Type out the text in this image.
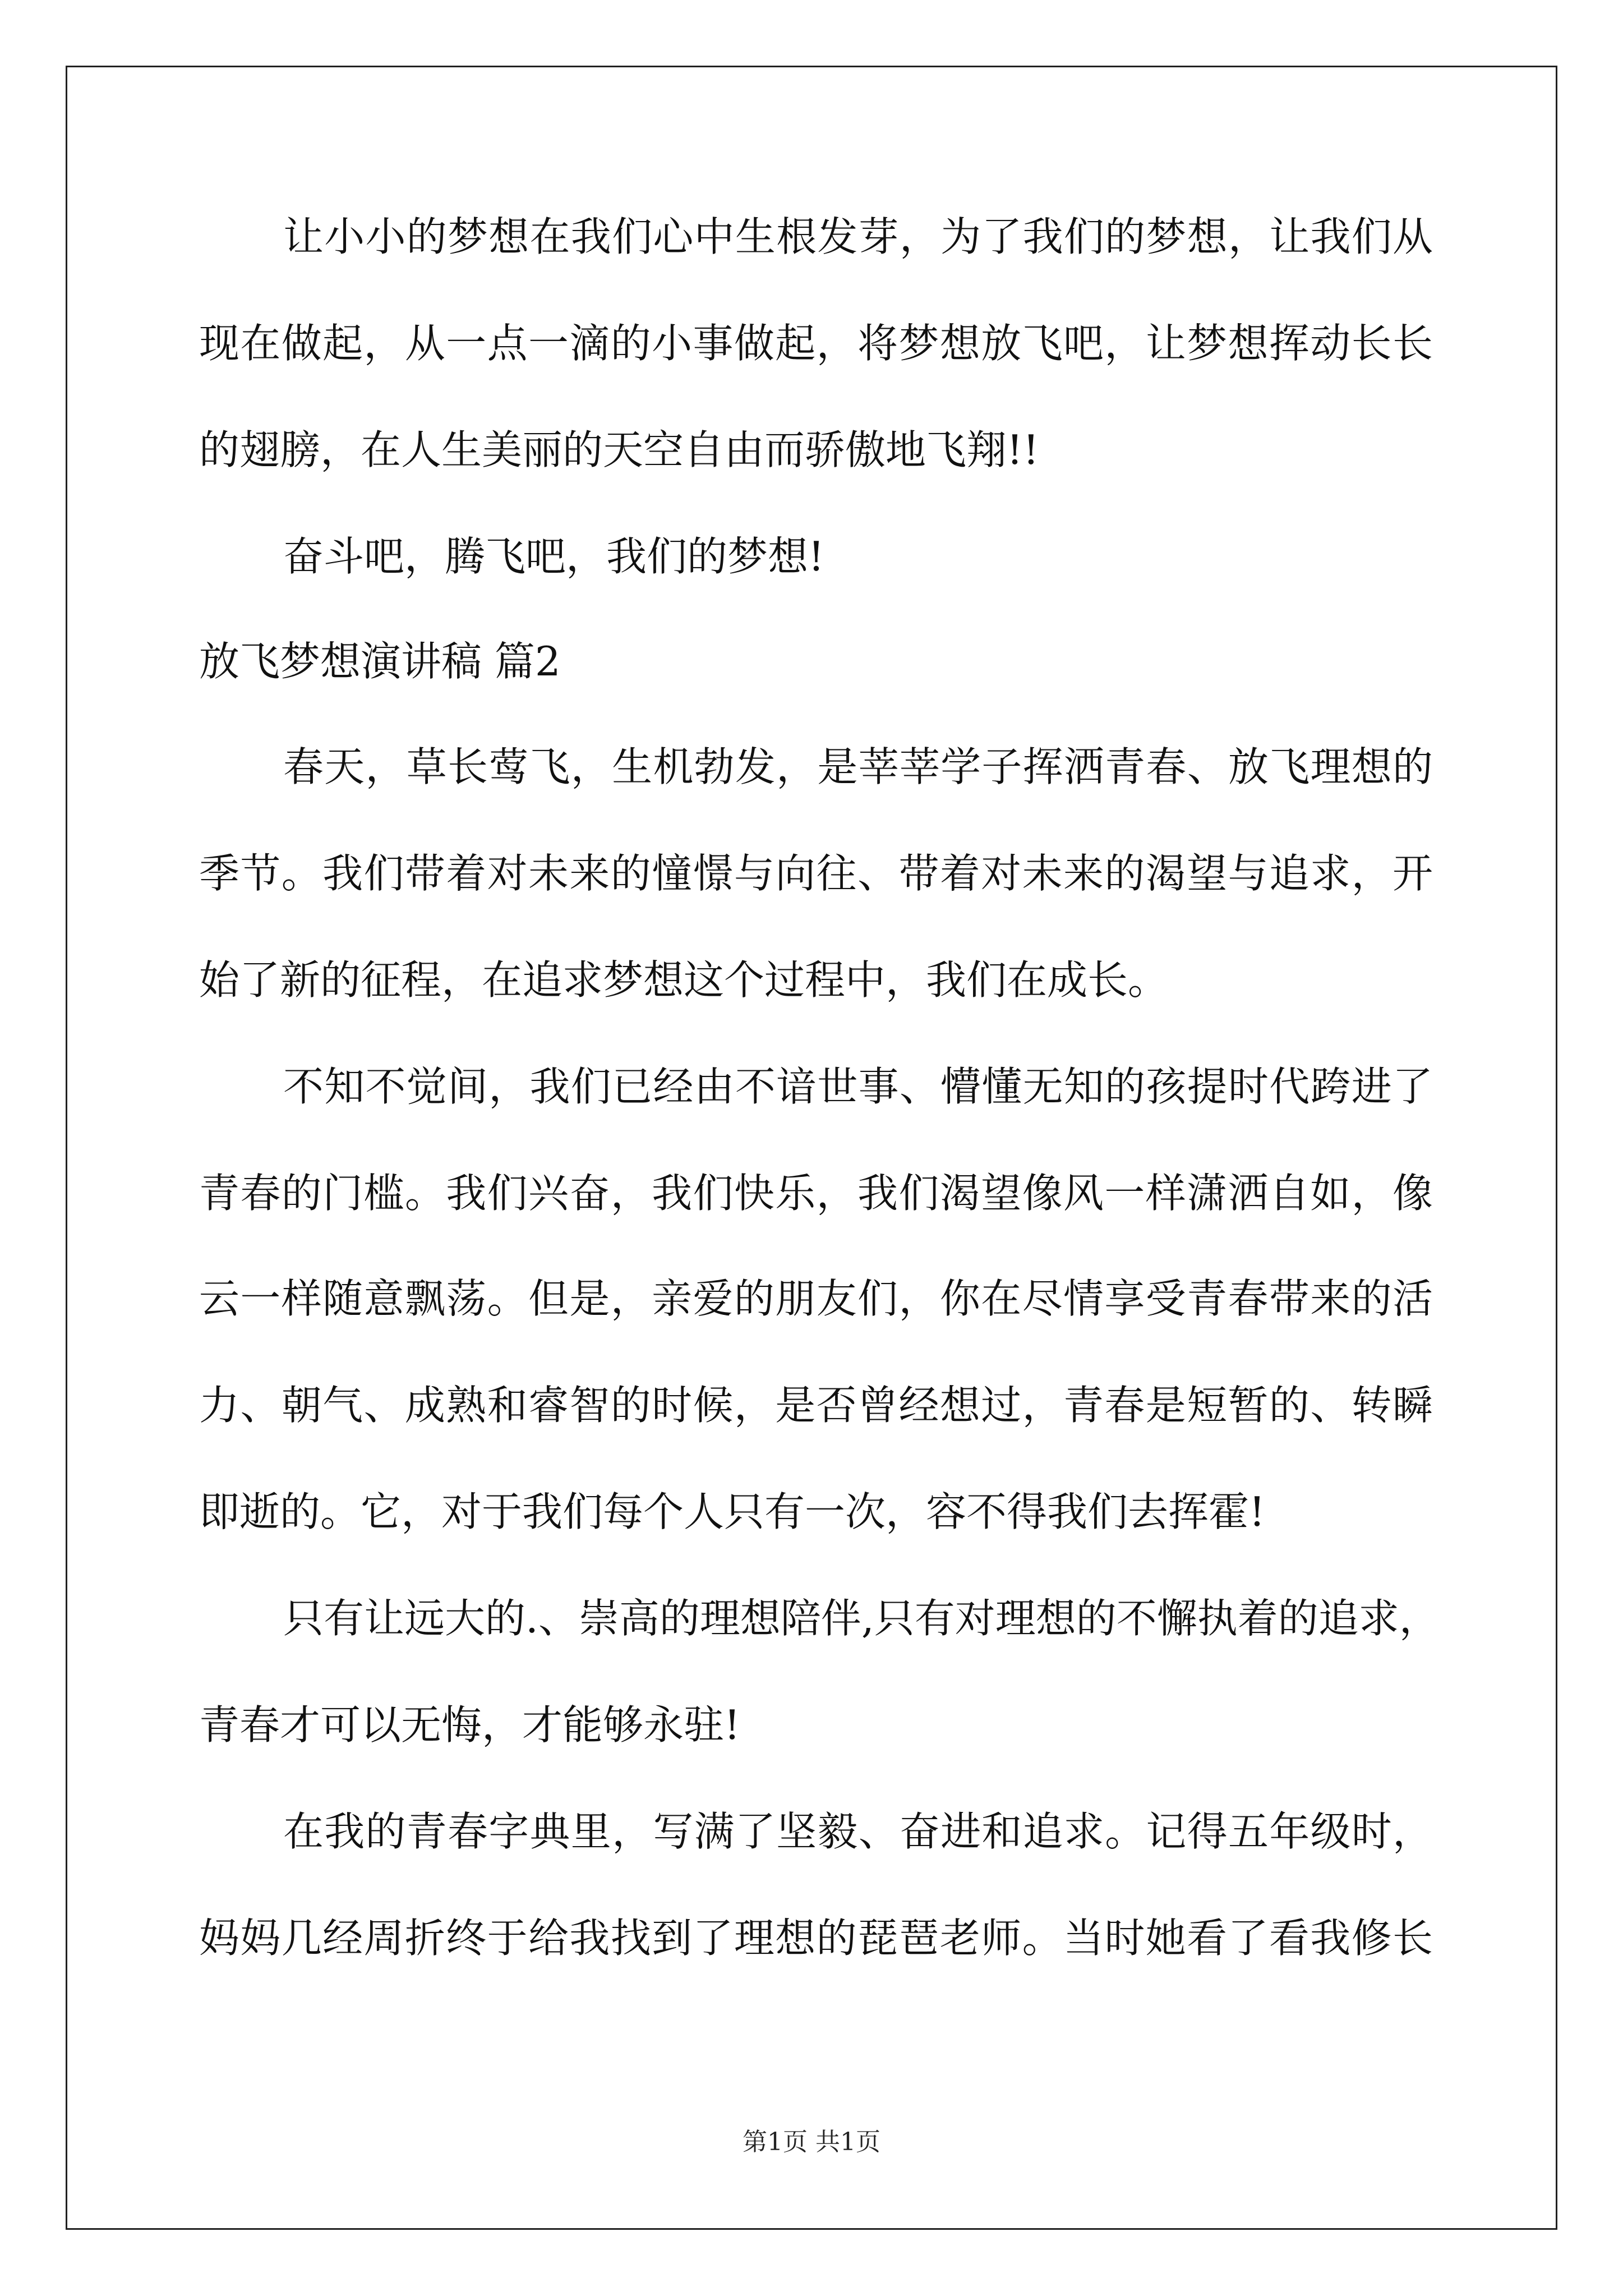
让小小的梦想在我们心中生根发芽，为了我们的梦想，让我们从
现在做起，从一点一滴的小事做起，将梦想放飞吧，让梦想挥动长长
的翅膀，在人生美丽的天空自由而骄傲地飞翔!!
奋斗吧，腾飞吧，我们的梦想!
放飞梦想演讲稿 篇2
春天，草长莺飞，生机勃发，是莘莘学子挥洒青春、放飞理想的
季节。我们带着对未来的憧憬与向往、带着对未来的渴望与追求，开
始了新的征程，在追求梦想这个过程中，我们在成长。
不知不觉间，我们已经由不谙世事、懵懂无知的孩提时代跨进了
青春的门槛。我们兴奋，我们快乐，我们渴望像风一样潇洒自如，像
云一样随意飘荡。但是，亲爱的朋友们，你在尽情享受青春带来的活
力、朝气、成熟和睿智的时候，是否曾经想过，青春是短暂的、转瞬
即逝的。它，对于我们每个人只有一次，容不得我们去挥霍!
只有让远大的.、崇高的理想陪伴,只有对理想的不懈执着的追求，
青春才可以无悔，才能够永驻!
在我的青春字典里，写满了坚毅、奋进和追求。记得五年级时，
妈妈几经周折终于给我找到了理想的琵琶老师。当时她看了看我修长
第1页 共1页
